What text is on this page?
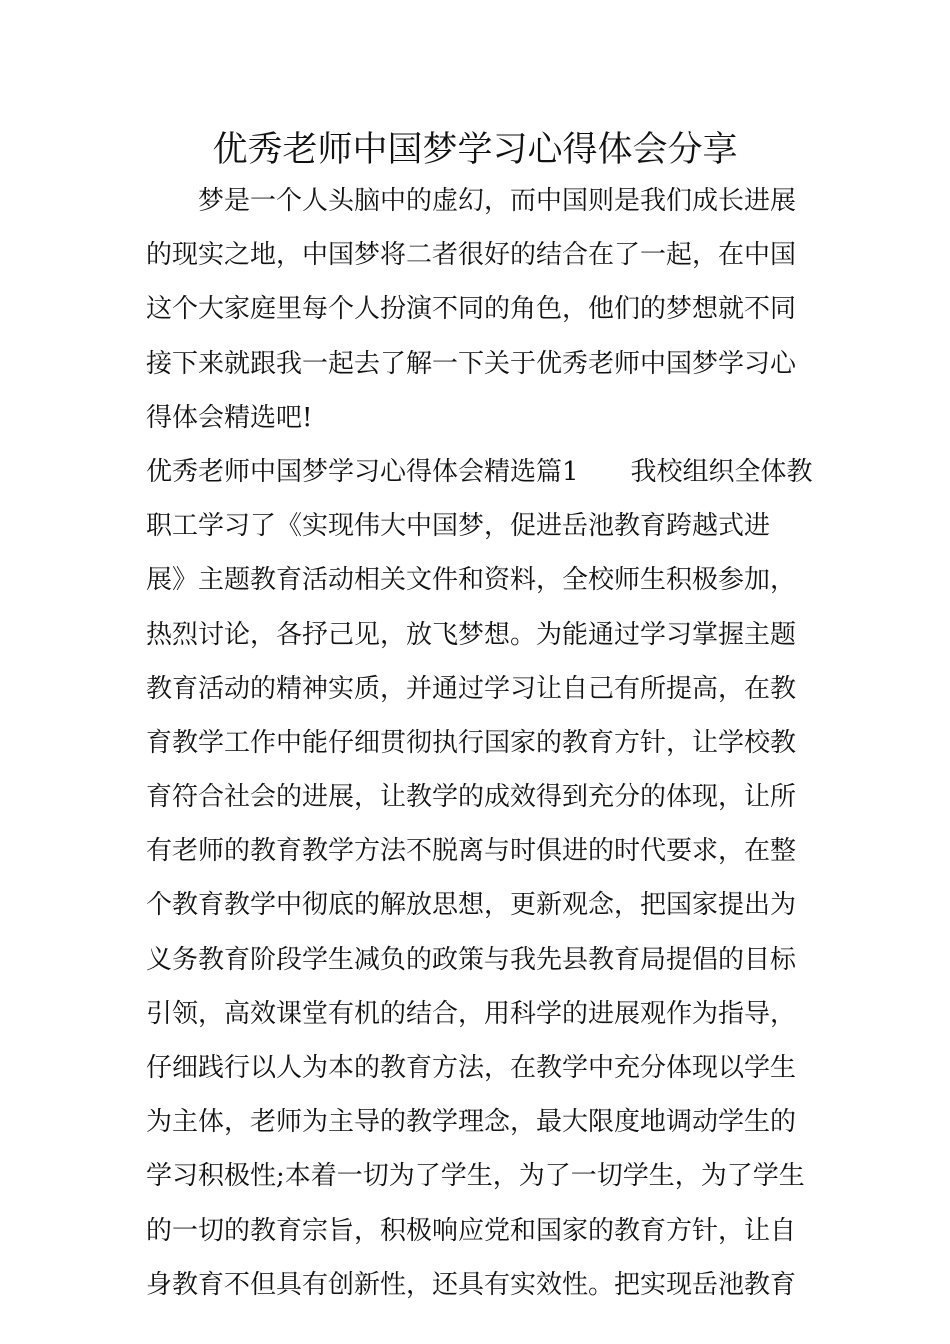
优秀老师中国梦学习心得体会分享
　　梦是一个人头脑中的虚幻，而中国则是我们成长进展
的现实之地，中国梦将二者很好的结合在了一起，在中国
这个大家庭里每个人扮演不同的角色，他们的梦想就不同
接下来就跟我一起去了解一下关于优秀老师中国梦学习心
得体会精选吧!
优秀老师中国梦学习心得体会精选篇1　　我校组织全体教
职工学习了《实现伟大中国梦，促进岳池教育跨越式进
展》主题教育活动相关文件和资料，全校师生积极参加，
热烈讨论，各抒己见，放飞梦想。为能通过学习掌握主题
教育活动的精神实质，并通过学习让自己有所提高，在教
育教学工作中能仔细贯彻执行国家的教育方针，让学校教
育符合社会的进展，让教学的成效得到充分的体现，让所
有老师的教育教学方法不脱离与时俱进的时代要求，在整
个教育教学中彻底的解放思想，更新观念，把国家提出为
义务教育阶段学生减负的政策与我先县教育局提倡的目标
引领，高效课堂有机的结合，用科学的进展观作为指导，
仔细践行以人为本的教育方法，在教学中充分体现以学生
为主体，老师为主导的教学理念，最大限度地调动学生的
学习积极性;本着一切为了学生，为了一切学生，为了学生
的一切的教育宗旨，积极响应党和国家的教育方针，让自
身教育不但具有创新性，还具有实效性。把实现岳池教育
